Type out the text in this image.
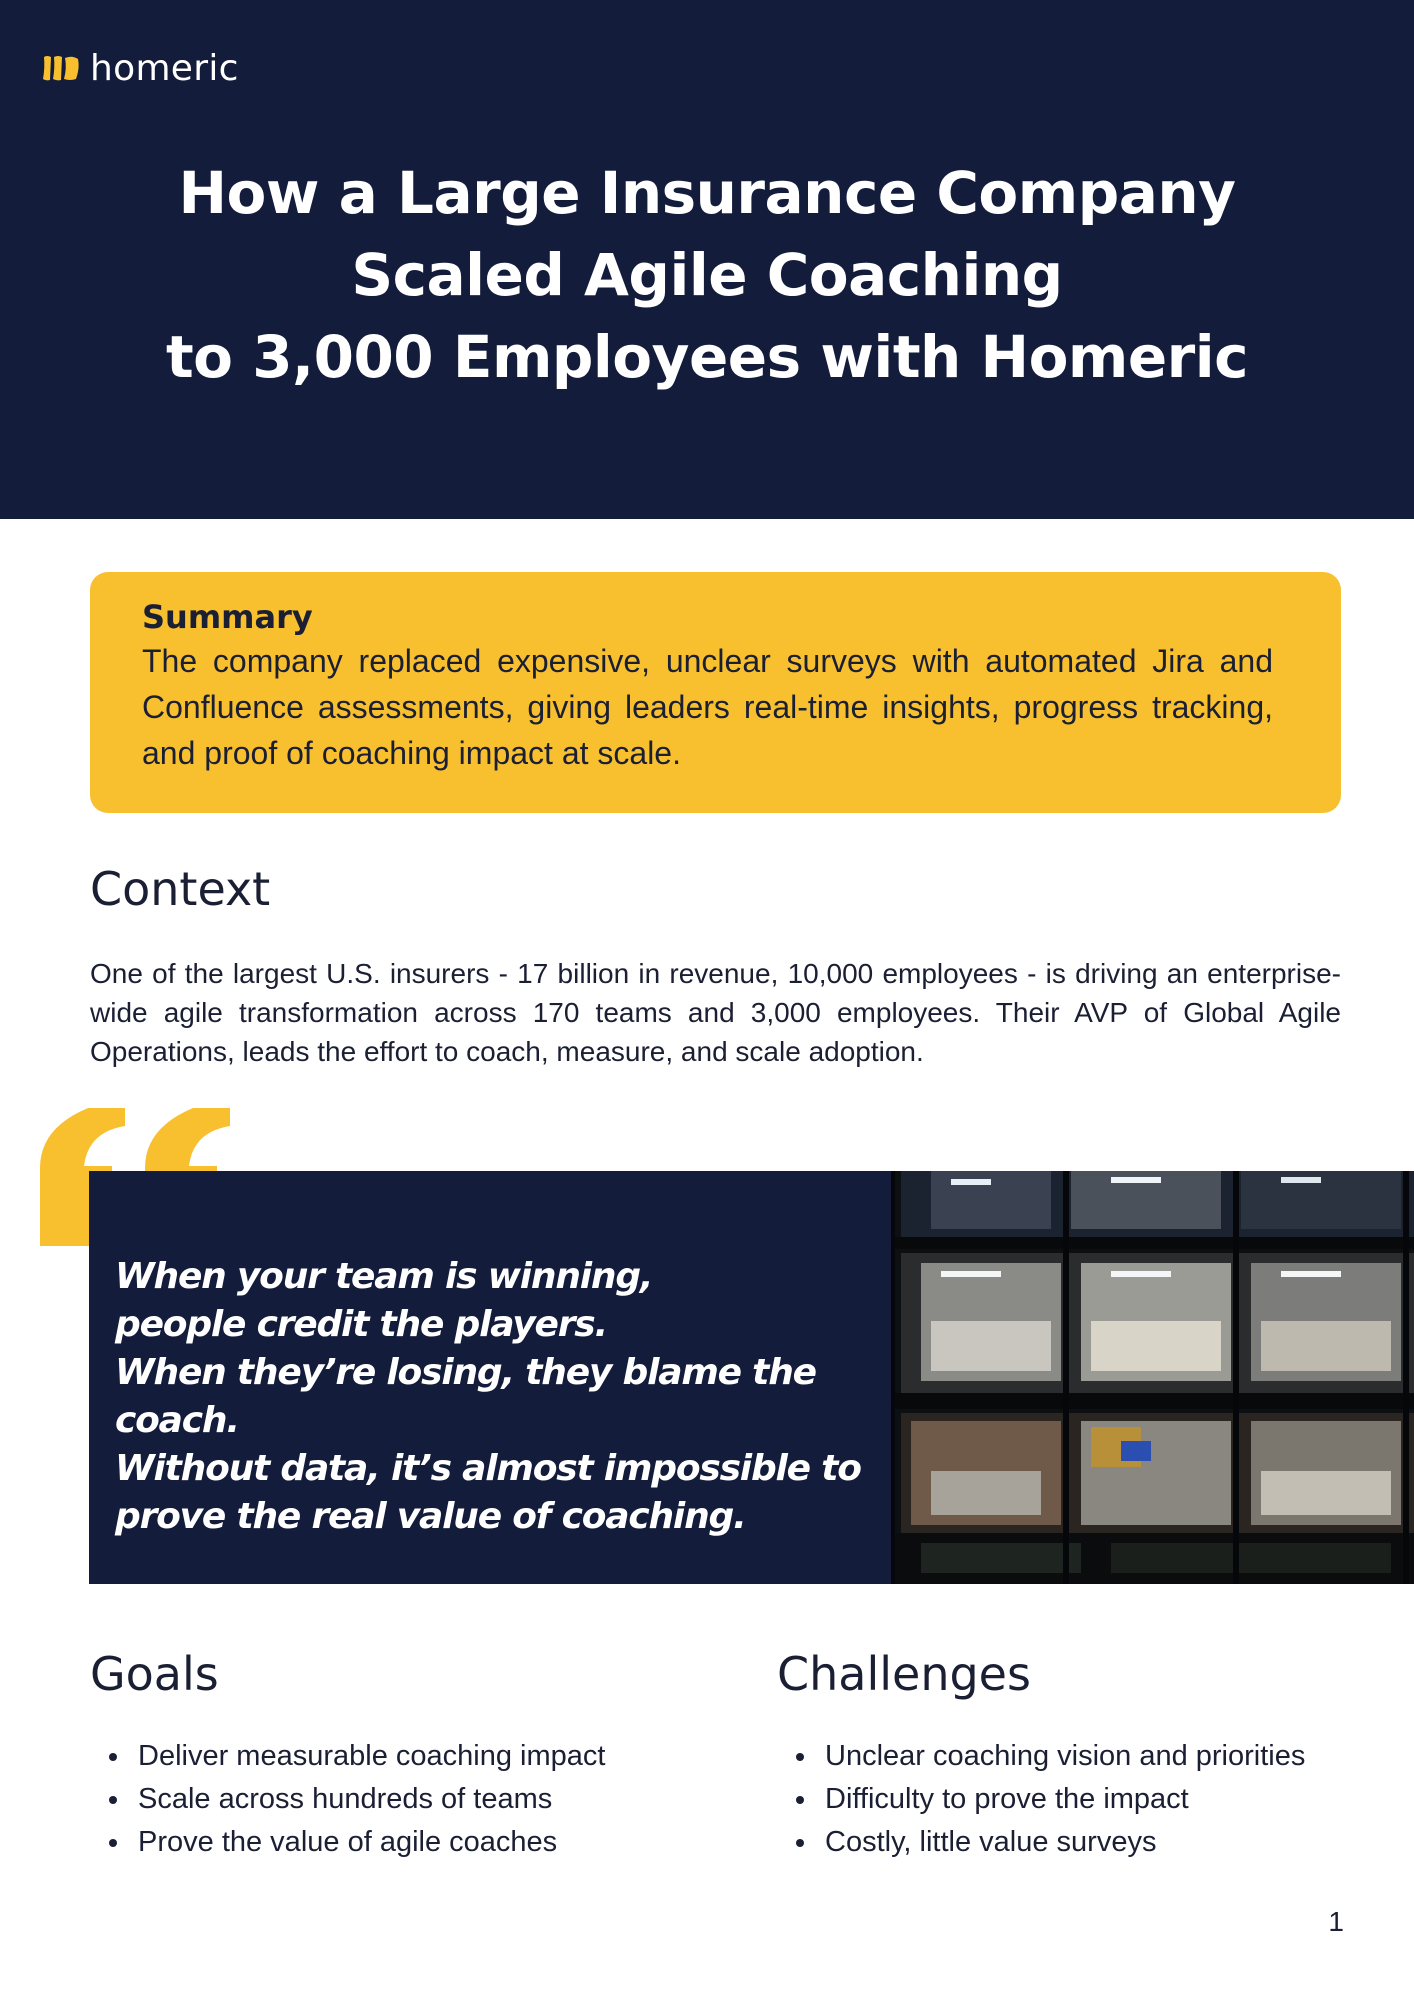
homeric
How a Large Insurance Company
Scaled Agile Coaching
to 3,000 Employees with Homeric
Summary
The company replaced expensive, unclear surveys with automated Jira and Confluence assessments, giving leaders real-time insights, progress tracking, and proof of coaching impact at scale.
Context
One of the largest U.S. insurers - 17 billion in revenue, 10,000 employees - is driving an enterprise-wide agile transformation across 170 teams and 3,000 employees. Their AVP of Global Agile Operations, leads the effort to coach, measure, and scale adoption.
When your team is winning,
people credit the players.
When they’re losing, they blame the coach.
Without data, it’s almost impossible to
prove the real value of coaching.
Goals
Deliver measurable coaching impact
Scale across hundreds of teams
Prove the value of agile coaches
Challenges
Unclear coaching vision and priorities
Difficulty to prove the impact
Costly, little value surveys
1
